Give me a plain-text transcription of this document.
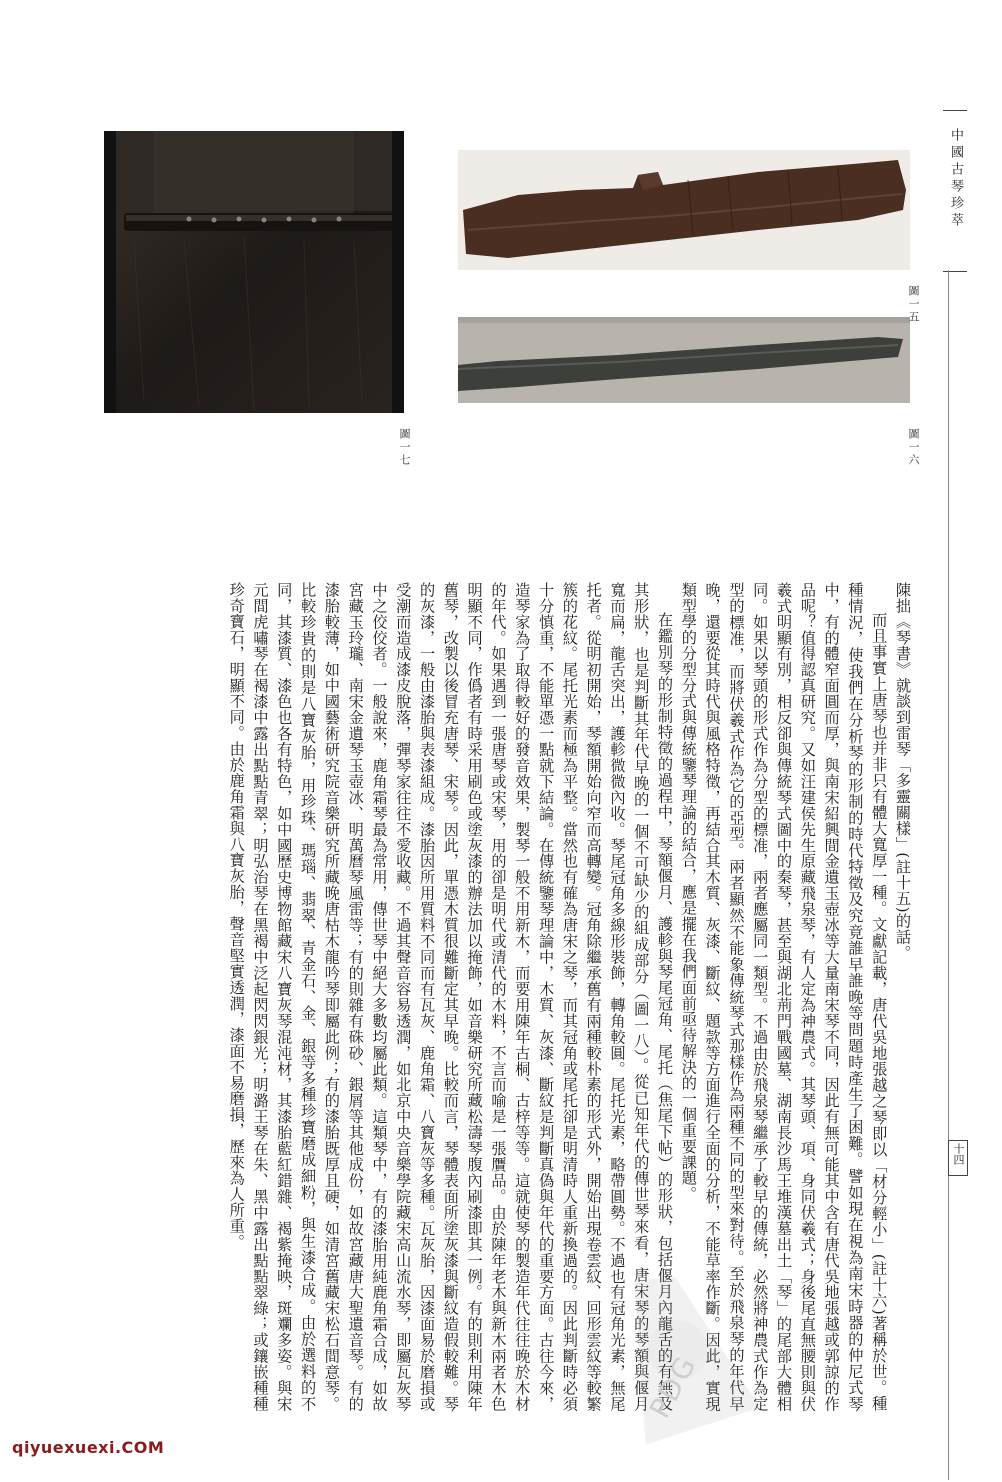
圖一五
圖一六
圖一七
中國古琴珍萃
十四

陳拙《琴書》就談到雷琴「多靈關樣」(註十五)的話。

而且事實上唐琴也并非只有體大寬厚一種。文獻記載，唐代吳地張越之琴即以「材分輕小」(註十六)著稱於世。種種情況，使我們在分析琴的形制的時代特徵及究竟誰早誰晚等問題時產生了困難。譬如現在視為南宋時器的仲尼式琴中，有的體窄面圓而厚，與南宋紹興間金遺玉壺冰等大量南宋琴不同，因此有無可能其中含有唐代吳地張越或郭諒的作品呢？值得認真研究。又如汪建侯先生原藏飛泉琴，有人定為神農式。其琴頭、項、身同伏羲式；身後尾直無腰則與伏羲式明顯有別，相反卻與傳統琴式圖中的秦琴，甚至與湖北荊門戰國墓、湖南長沙馬王堆漢墓出土「琴」的尾部大體相同。如果以琴頭的形式作為分型的標准，兩者應屬同一類型。不過由於飛泉琴繼承了較早的傳統，必然將神農式作為定型的標准，而將伏羲式作為它的亞型。兩者顯然不能象傳統琴式那樣作為兩種不同的型來對待。至於飛泉琴的年代早晚，還要從其時代與風格特徵，再結合其木質、灰漆、斷紋、題款等方面進行全面的分析，不能草率作斷。因此，實現類型學的分型分式與傳統鑒琴理論的結合，應是擺在我們面前亟待解決的一個重要課題。

在鑑別琴的形制特徵的過程中，琴額偃月、護軫與琴尾冠角、尾托（焦尾下帖）的形狀，包括偃月內龍舌的有無及其形狀，也是判斷其年代早晚的一個不可缺少的組成部分（圖一八）。從已知年代的傳世琴來看，唐宋琴的琴額與偃月寬而扁，龍舌突出，護軫微微內收。琴尾冠角多線形裝飾，轉角較圓。尾托光素，略帶圓勢。不過也有冠角光素，無尾托者。從明初開始，琴額開始向窄而高轉變。冠角除繼承舊有兩種較朴素的形式外，開始出現卷雲紋、回形雲紋等較繁簇的花紋。尾托光素而極為平整。當然也有確為唐宋之琴，而其冠角或尾托卻是明清時人重新換過的。因此判斷時必須十分慎重，不能單憑一點就下結論。在傳統鑒琴理論中，木質、灰漆、斷紋是判斷真偽與年代的重要方面。古往今來，造琴家為了取得較好的發音效果，製琴一般不用新木，而要用陳年古桐、古梓等等。這就使琴的製造年代往往晚於木材的年代。如果遇到一張唐琴或宋琴，用的卻是明代或清代的木料，不言而喻是一張贋品。由於陳年老木與新木兩者木色明顯不同，作僞者有時采用刷色或塗灰漆的辦法加以掩飾，如音樂研究所藏松濤琴腹內刷漆即其一例。有的則利用陳年舊琴，改製以後冒充唐琴、宋琴。因此，單憑木質很難斷定其早晚。比較而言，琴體表面所塗灰漆與斷紋造假較難。琴的灰漆，一般由漆胎與表漆組成。漆胎因所用質料不同而有瓦灰、鹿角霜、八寶灰等多種。瓦灰胎，因漆面易於磨損或受潮而造成漆皮脫落，彈琴家往往不愛收藏。不過其聲音容易透潤，如北京中央音樂學院藏宋高山流水琴，即屬瓦灰琴中之佼佼者。一般說來，鹿角霜琴最為常用，傳世琴中絕大多數均屬此類。這類琴中，有的漆胎用純鹿角霜合成，如故宮藏玉玲瓏、南宋金遺琴玉壺冰、明萬曆琴風雷等；有的則雜有硃砂、銀屑等其他成份，如故宮藏唐大聖遺音琴。有的漆胎較薄，如中國藝術研究院音樂研究所藏晚唐枯木龍吟琴即屬此例；有的漆胎既厚且硬，如清宮舊藏宋松石間意琴。比較珍貴的則是八寶灰胎，用珍珠、瑪瑙、翡翠、青金石、金、銀等多種珍寶磨成細粉，與生漆合成。由於選料的不同，其漆質、漆色也各有特色，如中國歷史博物館藏宋八寶灰琴混沌材，其漆胎藍紅錯雜、褐紫掩映，斑斕多姿。與宋元間虎嘯琴在褐漆中露出點點青翠；明弘治琴在黑褐中泛起閃閃銀光；明潞王琴在朱、黑中露出點點翠綠；或鑲嵌種種珍奇寶石，明顯不同。由於鹿角霜與八寶灰胎，聲音堅實透潤，漆面不易磨損，歷來為人所重。

PDG
qiyuexuexi.COM
